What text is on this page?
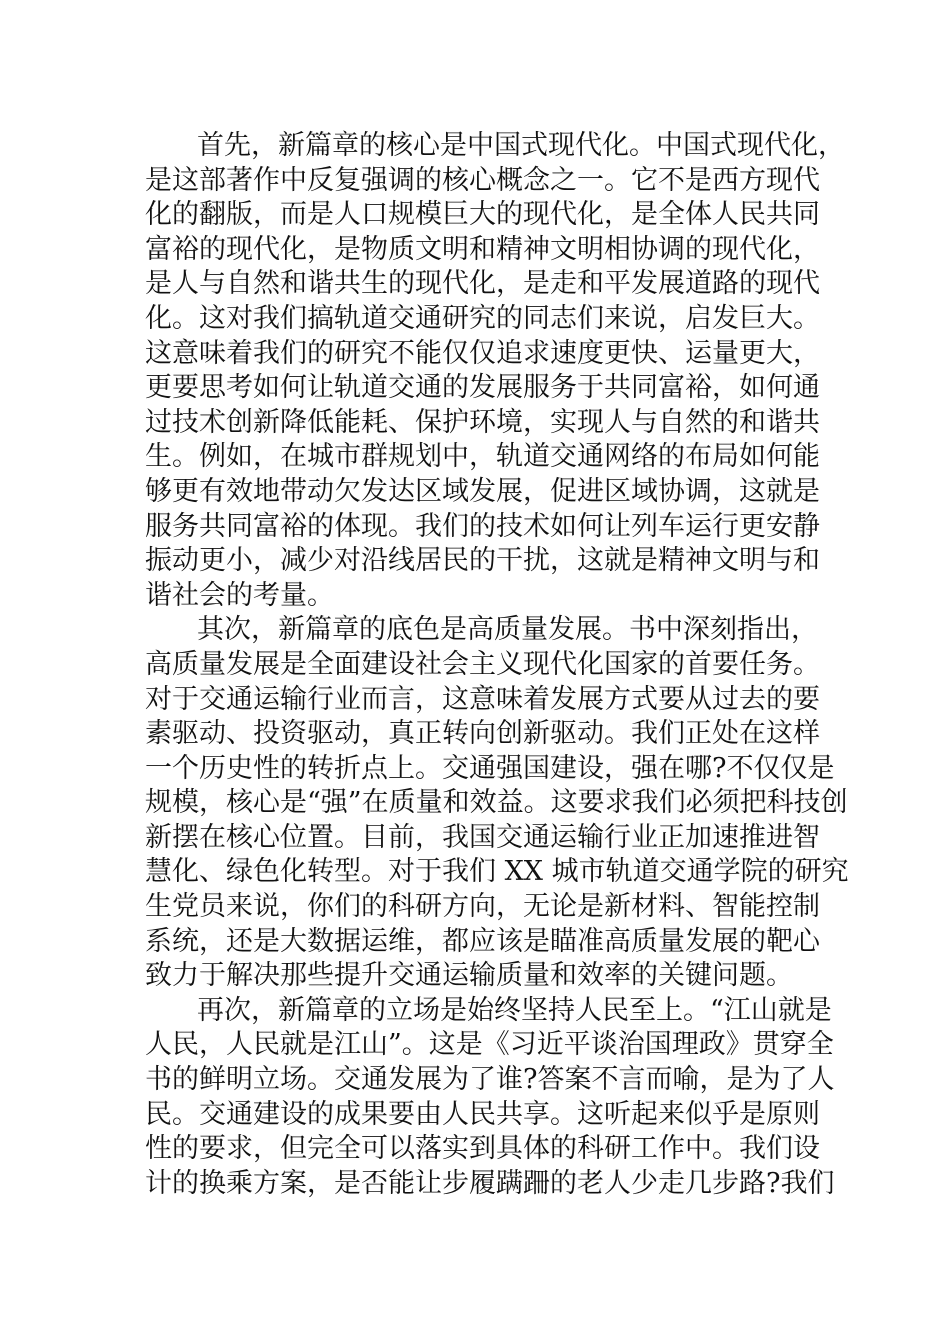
首先，新篇章的核心是中国式现代化。中国式现代化，
是这部著作中反复强调的核心概念之一。它不是西方现代
化的翻版，而是人口规模巨大的现代化，是全体人民共同
富裕的现代化，是物质文明和精神文明相协调的现代化，
是人与自然和谐共生的现代化，是走和平发展道路的现代
化。这对我们搞轨道交通研究的同志们来说，启发巨大。
这意味着我们的研究不能仅仅追求速度更快、运量更大，
更要思考如何让轨道交通的发展服务于共同富裕，如何通
过技术创新降低能耗、保护环境，实现人与自然的和谐共
生。例如，在城市群规划中，轨道交通网络的布局如何能
够更有效地带动欠发达区域发展，促进区域协调，这就是
服务共同富裕的体现。我们的技术如何让列车运行更安静
振动更小，减少对沿线居民的干扰，这就是精神文明与和
谐社会的考量。
其次，新篇章的底色是高质量发展。书中深刻指出，
高质量发展是全面建设社会主义现代化国家的首要任务。
对于交通运输行业而言，这意味着发展方式要从过去的要
素驱动、投资驱动，真正转向创新驱动。我们正处在这样
一个历史性的转折点上。交通强国建设，强在哪?不仅仅是
规模，核心是“强”在质量和效益。这要求我们必须把科技创
新摆在核心位置。目前，我国交通运输行业正加速推进智
慧化、绿色化转型。对于我们 XX 城市轨道交通学院的研究
生党员来说，你们的科研方向，无论是新材料、智能控制
系统，还是大数据运维，都应该是瞄准高质量发展的靶心
致力于解决那些提升交通运输质量和效率的关键问题。
再次，新篇章的立场是始终坚持人民至上。“江山就是
人民，人民就是江山”。这是《习近平谈治国理政》贯穿全
书的鲜明立场。交通发展为了谁?答案不言而喻，是为了人
民。交通建设的成果要由人民共享。这听起来似乎是原则
性的要求，但完全可以落实到具体的科研工作中。我们设
计的换乘方案，是否能让步履蹒跚的老人少走几步路?我们
